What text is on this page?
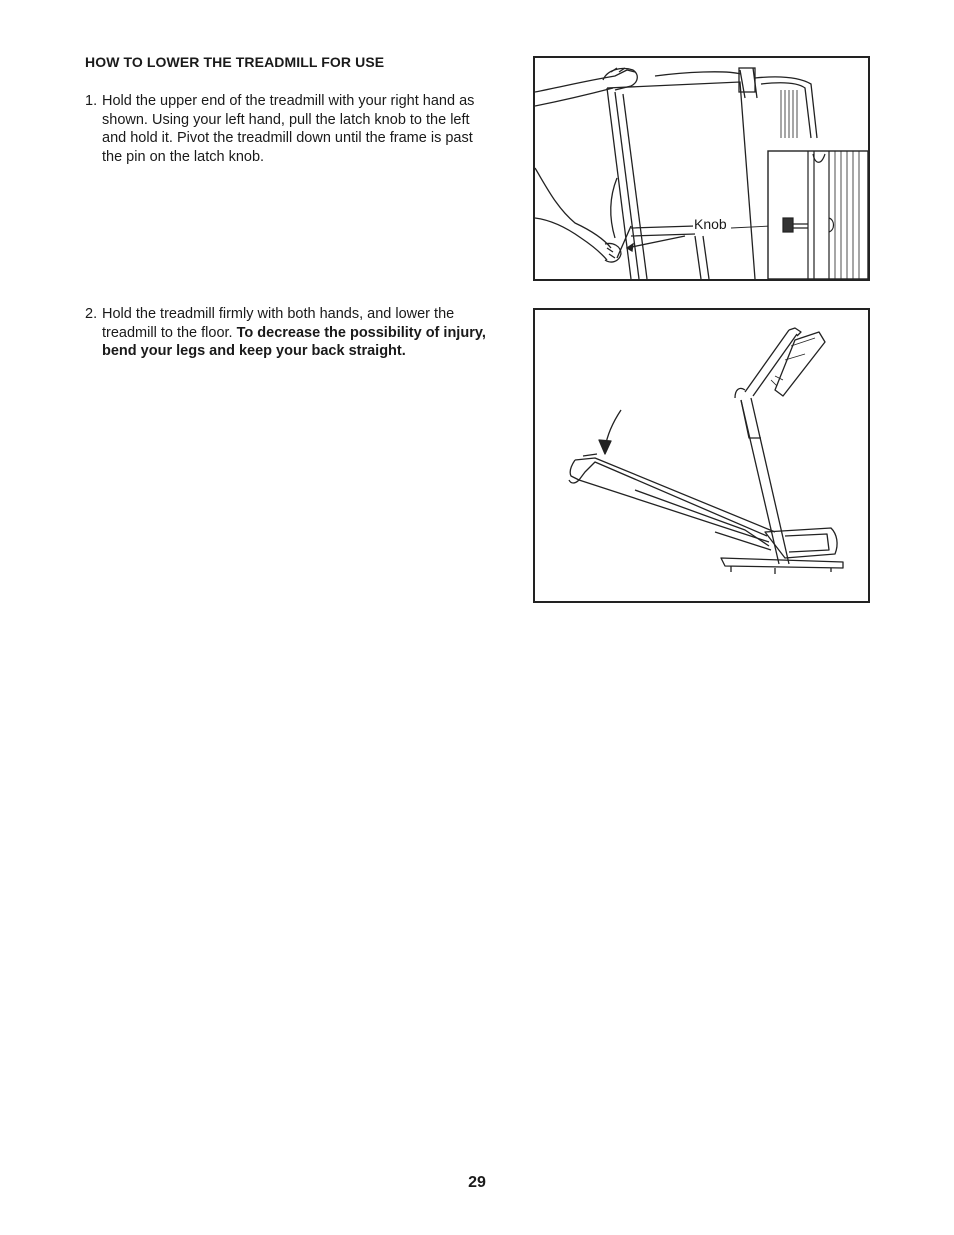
HOW TO LOWER THE TREADMILL FOR USE
1. Hold the upper end of the treadmill with your right hand as shown. Using your left hand, pull the latch knob to the left and hold it. Pivot the treadmill down until the frame is past the pin on the latch knob.
2. Hold the treadmill firmly with both hands, and lower the treadmill to the floor. To decrease the possibility of injury, bend your legs and keep your back straight.
Knob
29
